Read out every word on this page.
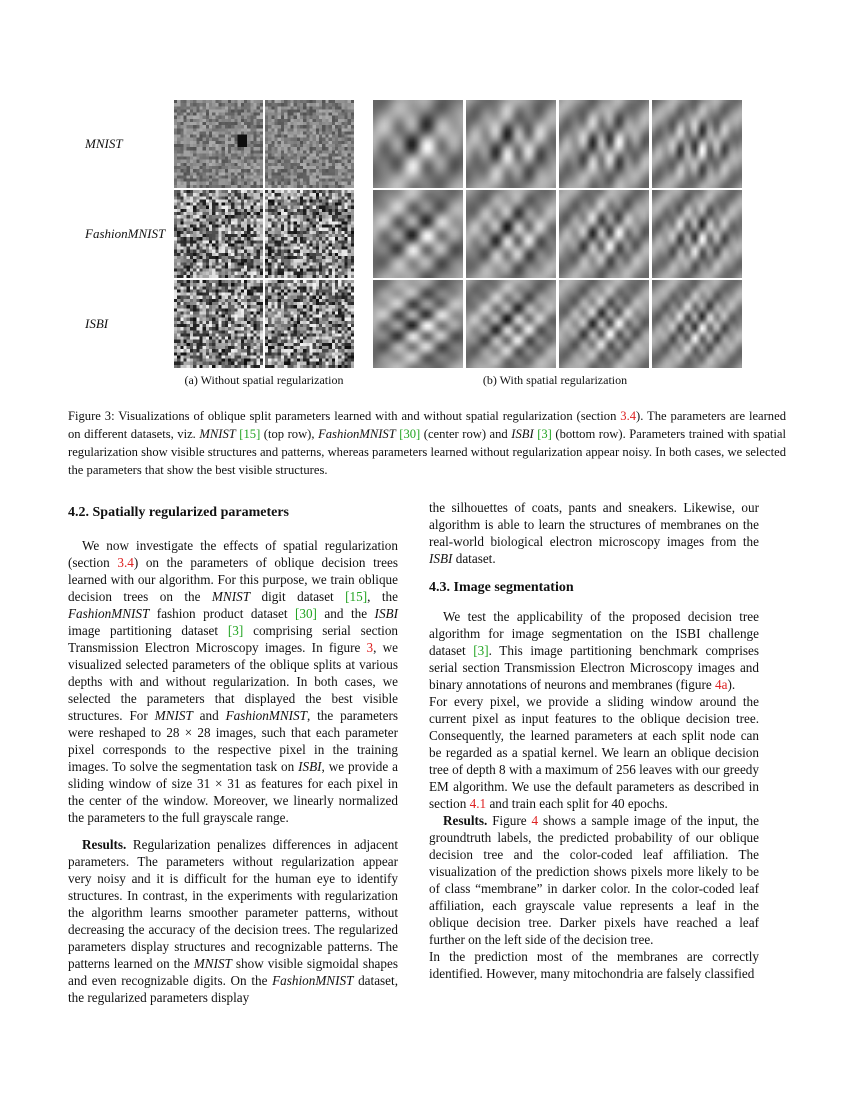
MNIST
FashionMNIST
ISBI
(a) Without spatial regularization	(b) With spatial regularization
Figure 3: Visualizations of oblique split parameters learned with and without spatial regularization (section 3.4). The parameters are learned on different datasets, viz. MNIST [15] (top row), FashionMNIST [30] (center row) and ISBI [3] (bottom row). Parameters trained with spatial regularization show visible structures and patterns, whereas parameters learned without regularization appear noisy. In both cases, we selected the parameters that show the best visible structures.
4.2. Spatially regularized parameters

We now investigate the effects of spatial regularization (section 3.4) on the parameters of oblique decision trees learned with our algorithm. For this purpose, we train oblique decision trees on the MNIST digit dataset [15], the FashionMNIST fashion product dataset [30] and the ISBI image partitioning dataset [3] comprising serial section Transmission Electron Microscopy images. In figure 3, we visualized selected parameters of the oblique splits at various depths with and without regularization. In both cases, we selected the parameters that displayed the best visible structures. For MNIST and FashionMNIST, the parameters were reshaped to 28 × 28 images, such that each parameter pixel corresponds to the respective pixel in the training images. To solve the segmentation task on ISBI, we provide a sliding window of size 31 × 31 as features for each pixel in the center of the window. Moreover, we linearly normalized the parameters to the full grayscale range.

Results. Regularization penalizes differences in adjacent parameters. The parameters without regularization appear very noisy and it is difficult for the human eye to identify structures. In contrast, in the experiments with regularization the algorithm learns smoother parameter patterns, without decreasing the accuracy of the decision trees. The regularized parameters display structures and recognizable patterns. The patterns learned on the MNIST show visible sigmoidal shapes and even recognizable digits. On the FashionMNIST dataset, the regularized parameters display

the silhouettes of coats, pants and sneakers. Likewise, our algorithm is able to learn the structures of membranes on the real-world biological electron microscopy images from the ISBI dataset.

4.3. Image segmentation

We test the applicability of the proposed decision tree algorithm for image segmentation on the ISBI challenge dataset [3]. This image partitioning benchmark comprises serial section Transmission Electron Microscopy images and binary annotations of neurons and membranes (figure 4a).

For every pixel, we provide a sliding window around the current pixel as input features to the oblique decision tree. Consequently, the learned parameters at each split node can be regarded as a spatial kernel. We learn an oblique decision tree of depth 8 with a maximum of 256 leaves with our greedy EM algorithm. We use the default parameters as described in section 4.1 and train each split for 40 epochs.

Results. Figure 4 shows a sample image of the input, the groundtruth labels, the predicted probability of our oblique decision tree and the color-coded leaf affiliation. The visualization of the prediction shows pixels more likely to be of class “membrane” in darker color. In the color-coded leaf affiliation, each grayscale value represents a leaf in the oblique decision tree. Darker pixels have reached a leaf further on the left side of the decision tree.

In the prediction most of the membranes are correctly identified. However, many mitochondria are falsely classified
